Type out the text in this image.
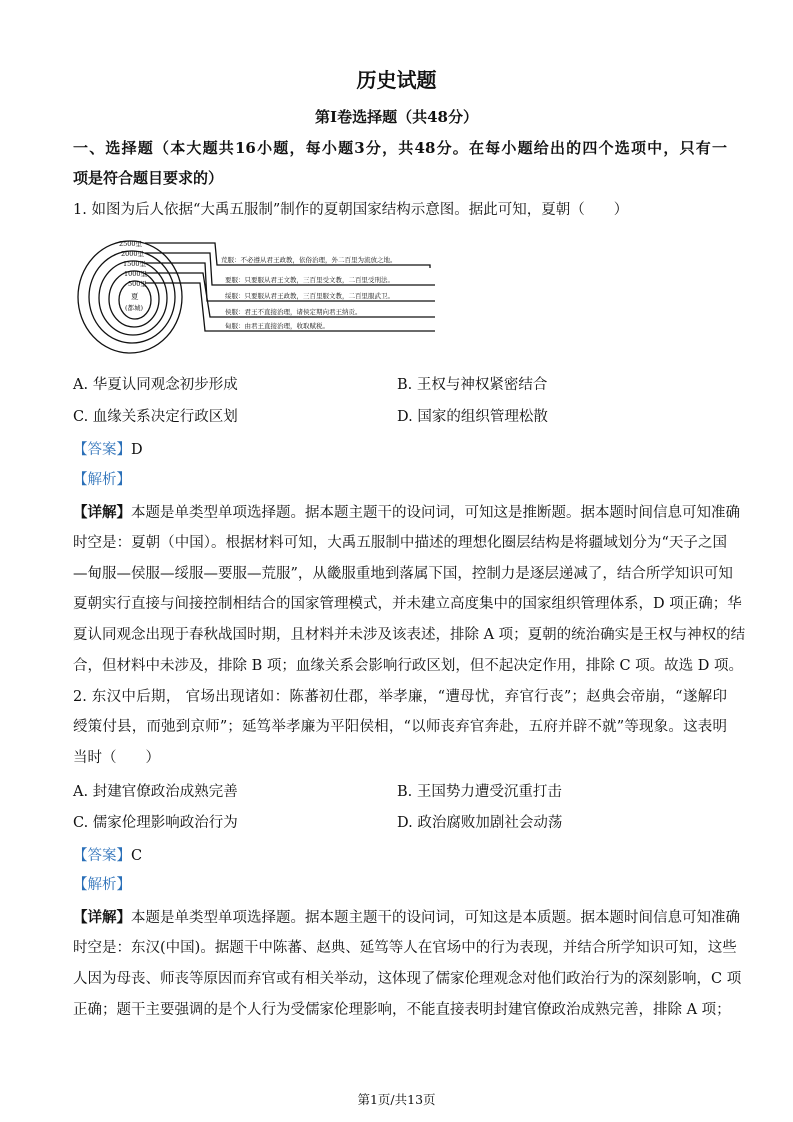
历史试题
第Ⅰ卷选择题（共48分）
一、选择题（本大题共16小题，每小题3分，共48分。在每小题给出的四个选项中，只有一
项是符合题目要求的）
1. 如图为后人依据“大禹五服制”制作的夏朝国家结构示意图。据此可知，夏朝（　　）
2500里
2000里
1500里
1000里
500里
夏
(都城)
荒服：不必遵从君王政教，依俗治理，外二百里为流放之地。
要服：只要服从君王文教，三百里受文教，二百里受刑法。
绥服：只要服从君王政教，三百里服文教，二百里服武卫。
侯服：君王不直接治理，诸侯定期向君王纳贡。
甸服：由君王直接治理，收取赋税。
A. 华夏认同观念初步形成	B. 王权与神权紧密结合
C. 血缘关系决定行政区划	D. 国家的组织管理松散
【答案】D
【解析】
【详解】本题是单类型单项选择题。据本题主题干的设问词，可知这是推断题。据本题时间信息可知准确
时空是：夏朝（中国）。根据材料可知，大禹五服制中描述的理想化圈层结构是将疆域划分为“天子之国
—甸服—侯服—绥服—要服—荒服”，从畿服重地到落属下国，控制力是逐层递减了，结合所学知识可知
夏朝实行直接与间接控制相结合的国家管理模式，并未建立高度集中的国家组织管理体系，D 项正确；华
夏认同观念出现于春秋战国时期，且材料并未涉及该表述，排除 A 项；夏朝的统治确实是王权与神权的结
合，但材料中未涉及，排除 B 项；血缘关系会影响行政区划，但不起决定作用，排除 C 项。故选 D 项。
2. 东汉中后期， 官场出现诸如：陈蕃初仕郡，举孝廉，“遭母忧，弃官行丧”；赵典会帝崩，“遂解印
绶策付县，而弛到京师”；延笃举孝廉为平阳侯相，“以师丧弃官奔赴，五府并辟不就”等现象。这表明
当时（　　）
A. 封建官僚政治成熟完善	B. 王国势力遭受沉重打击
C. 儒家伦理影响政治行为	D. 政治腐败加剧社会动荡
【答案】C
【解析】
【详解】本题是单类型单项选择题。据本题主题干的设问词，可知这是本质题。据本题时间信息可知准确
时空是：东汉(中国)。据题干中陈蕃、赵典、延笃等人在官场中的行为表现，并结合所学知识可知，这些
人因为母丧、师丧等原因而弃官或有相关举动，这体现了儒家伦理观念对他们政治行为的深刻影响，C 项
正确；题干主要强调的是个人行为受儒家伦理影响，不能直接表明封建官僚政治成熟完善，排除 A 项；
第1页/共13页
